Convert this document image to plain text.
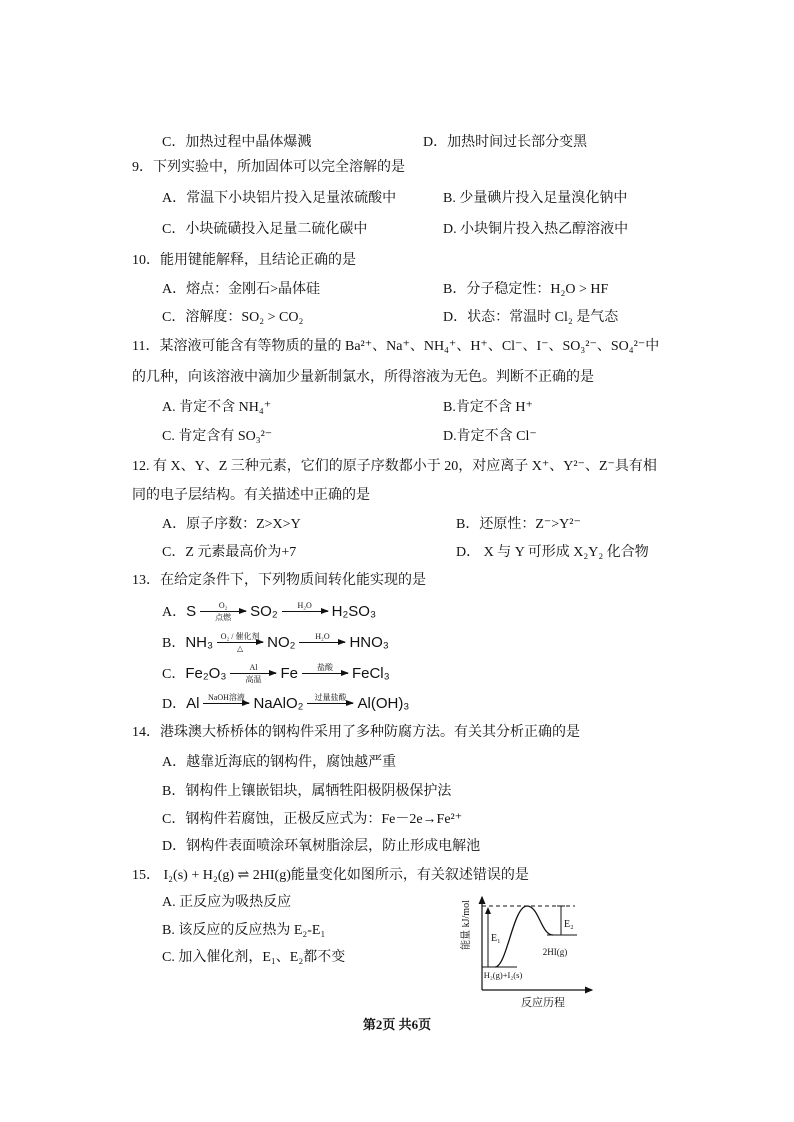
C．加热过程中晶体爆溅	D．加热时间过长部分变黑
9．下列实验中，所加固体可以完全溶解的是
A．常温下小块铝片投入足量浓硫酸中	B. 少量碘片投入足量溴化钠中
C．小块硫磺投入足量二硫化碳中	D. 小块铜片投入热乙醇溶液中
10．能用键能解释，且结论正确的是
A．熔点：金刚石>晶体硅	B．分子稳定性：H₂O > HF
C．溶解度：SO₂ > CO₂	D．状态：常温时 Cl₂ 是气态
11．某溶液可能含有等物质的量的 Ba²⁺、Na⁺、NH₄⁺、H⁺、Cl⁻、I⁻、SO₃²⁻、SO₄²⁻中
的几种，向该溶液中滴加少量新制氯水，所得溶液为无色。判断不正确的是
A. 肯定不含 NH₄⁺	B.肯定不含 H⁺
C. 肯定含有 SO₃²⁻	D.肯定不含 Cl⁻
12. 有 X、Y、Z 三种元素，它们的原子序数都小于 20，对应离子 X⁺、Y²⁻、Z⁻具有相
同的电子层结构。有关描述中正确的是
A．原子序数：Z>X>Y	B．还原性：Z⁻>Y²⁻
C．Z 元素最高价为+7	D． X 与 Y 可形成 X₂Y₂ 化合物
13．在给定条件下，下列物质间转化能实现的是
A． S	O₂
点燃 SO₂ H₂O H₂SO₃
B． NH₃ O₂ / 催化剂
△ NO₂ H₂O HNO₃
C． Fe₂O₃	Al
高温 Fe 盐酸 FeCl₃
D． Al NaOH溶液 NaAlO₂ 过量盐酸 Al(OH)₃
14．港珠澳大桥桥体的钢构件采用了多种防腐方法。有关其分析正确的是
A．越靠近海底的钢构件，腐蚀越严重
B．钢构件上镶嵌铝块，属牺牲阳极阴极保护法
C．钢构件若腐蚀，正极反应式为：Fe－2e→Fe²⁺
D．钢构件表面喷涂环氧树脂涂层，防止形成电解池
15． I₂(s) + H₂(g) ⇌ 2HI(g)能量变化如图所示，有关叙述错误的是
A. 正反应为吸热反应
B. 该反应的反应热为 E₂-E₁
C. 加入催化剂，E₁、E₂都不变
E₁
E₂
2HI(g)
H₂(g)+I₂(s)
能量 kJ/mol
反应历程
第2页 共6页
